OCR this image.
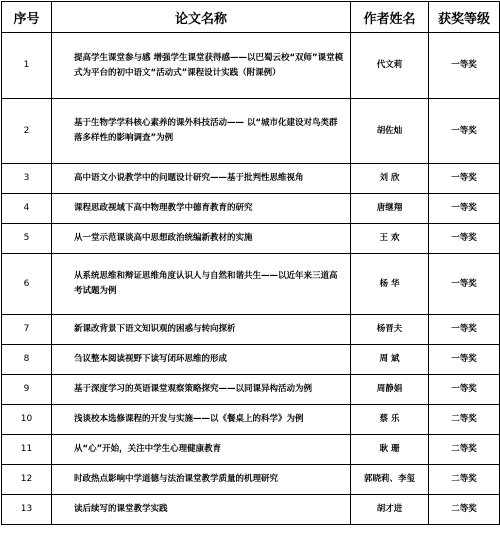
序号	论文名称	作者姓名	获奖等级
1	提高学生课堂参与感 增强学生课堂获得感——以巴蜀云校“双师”课堂模式为平台的初中语文“活动式”课程设计实践（附课例）	代文莉	一等奖
2	基于生物学学科核心素养的课外科技活动—— 以“城市化建设对鸟类群落多样性的影响调查”为例	胡佐灿	一等奖
3	高中语文小说教学中的问题设计研究——基于批判性思维视角	刘 欣	一等奖
4	课程思政视域下高中物理教学中德育教育的研究	唐继翔	一等奖
5	从一堂示范课谈高中思想政治统编新教材的实施	王 欢	一等奖
6	从系统思维和辩证思维角度认识人与自然和谐共生——以近年来三道高考试题为例	杨 华	一等奖
7	新课改背景下语文知识观的困惑与转向探析	杨晋夫	一等奖
8	刍议整本阅读视野下读写闭环思维的形成	周 斌	一等奖
9	基于深度学习的英语课堂观察策略探究——以同课异构活动为例	周静娟	一等奖
10	浅谈校本选修课程的开发与实施——以《餐桌上的科学》为例	蔡 乐	二等奖
11	从“心”开始，关注中学生心理健康教育	耿 珊	二等奖
12	时政热点影响中学道德与法治课堂教学质量的机理研究	郭晓莉、李玺	二等奖
13	读后续写的课堂教学实践	胡才进	二等奖
